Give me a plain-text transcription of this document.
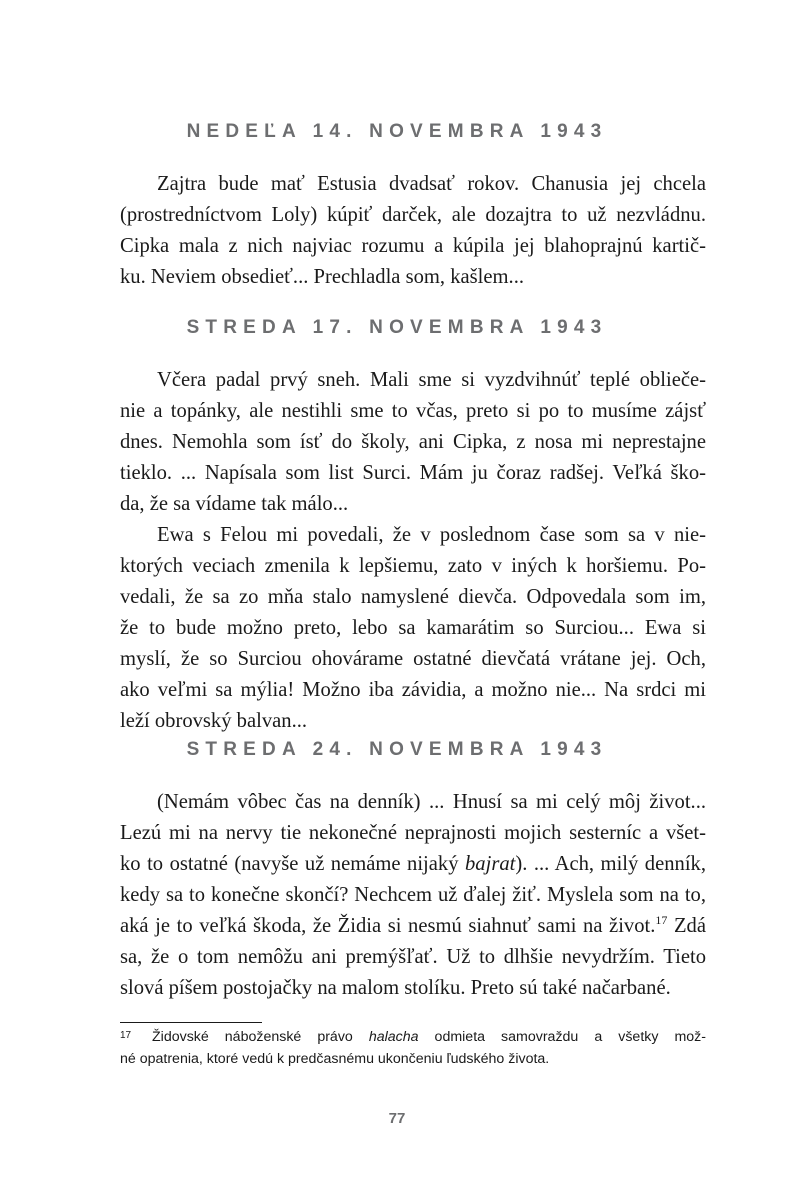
NEDEĽA 14. NOVEMBRA 1943
Zajtra bude mať Estusia dvadsať rokov. Chanusia jej chcela
(prostredníctvom Loly) kúpiť darček, ale dozajtra to už nezvládnu.
Cipka mala z nich najviac rozumu a kúpila jej blahoprajnú kartič-
ku. Neviem obsedieť... Prechladla som, kašlem...
STREDA 17. NOVEMBRA 1943
Včera padal prvý sneh. Mali sme si vyzdvihnúť teplé oblieče-
nie a topánky, ale nestihli sme to včas, preto si po to musíme zájsť
dnes. Nemohla som ísť do školy, ani Cipka, z nosa mi neprestajne
tieklo. ... Napísala som list Surci. Mám ju čoraz radšej. Veľká ško-
da, že sa vídame tak málo...
Ewa s Felou mi povedali, že v poslednom čase som sa v nie-
ktorých veciach zmenila k lepšiemu, zato v iných k horšiemu. Po-
vedali, že sa zo mňa stalo namyslené dievča. Odpovedala som im,
že to bude možno preto, lebo sa kamarátim so Surciou... Ewa si
myslí, že so Surciou ohovárame ostatné dievčatá vrátane jej. Och,
ako veľmi sa mýlia! Možno iba závidia, a možno nie... Na srdci mi
leží obrovský balvan...
STREDA 24. NOVEMBRA 1943
(Nemám vôbec čas na denník) ... Hnusí sa mi celý môj život...
Lezú mi na nervy tie nekonečné neprajnosti mojich sesterníc a všet-
ko to ostatné (navyše už nemáme nijaký bajrat). ... Ach, milý denník,
kedy sa to konečne skončí? Nechcem už ďalej žiť. Myslela som na to,
aká je to veľká škoda, že Židia si nesmú siahnuť sami na život.$^{17}$ Zdá
sa, že o tom nemôžu ani premýšľať. Už to dlhšie nevydržím. Tieto
slová píšem postojačky na malom stolíku. Preto sú také načarbané.
17 Židovské náboženské právo halacha odmieta samovraždu a všetky mož-
né opatrenia, ktoré vedú k predčasnému ukončeniu ľudského života.
77
